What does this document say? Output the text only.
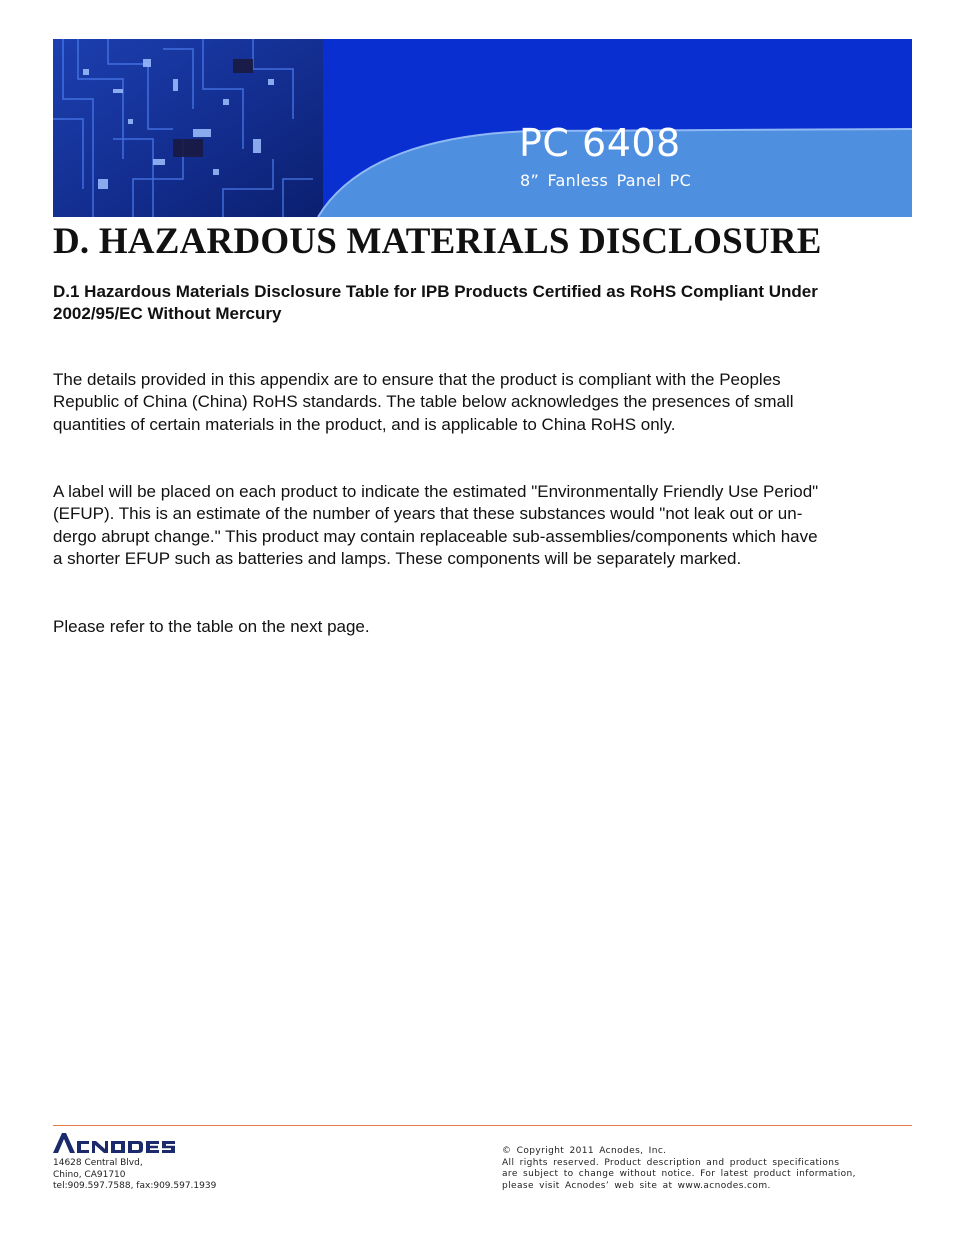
PC 6408
8” Fanless Panel PC
D. HAZARDOUS MATERIALS DISCLOSURE

D.1 Hazardous Materials Disclosure Table for IPB Products Certified as RoHS Compliant Under 2002/95/EC Without Mercury

The details provided in this appendix are to ensure that the product is compliant with the Peoples
Republic of China (China) RoHS standards. The table below acknowledges the presences of small
quantities of certain materials in the product, and is applicable to China RoHS only.

A label will be placed on each product to indicate the estimated "Environmentally Friendly Use Period"
(EFUP). This is an estimate of the number of years that these substances would "not leak out or un-
dergo abrupt change." This product may contain replaceable sub-assemblies/components which have
a shorter EFUP such as batteries and lamps. These components will be separately marked.

Please refer to the table on the next page.

14628 Central Blvd,
Chino, CA91710
tel:909.597.7588, fax:909.597.1939
© Copyright 2011 Acnodes, Inc.
All rights reserved. Product description and product specifications
are subject to change without notice. For latest product information,
please visit Acnodes’ web site at www.acnodes.com.
